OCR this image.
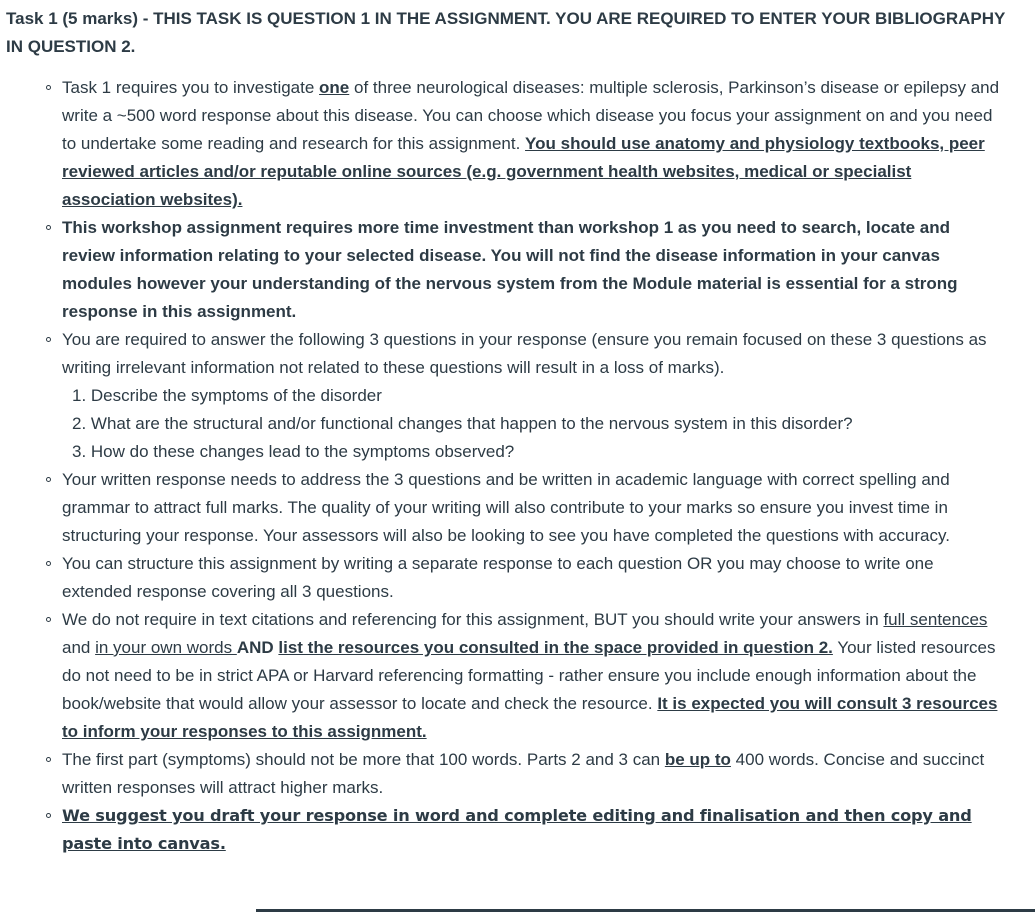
Task 1 (5 marks) - THIS TASK IS QUESTION 1 IN THE ASSIGNMENT. YOU ARE REQUIRED TO ENTER YOUR BIBLIOGRAPHY IN QUESTION 2.

Task 1 requires you to investigate one of three neurological diseases: multiple sclerosis, Parkinson’s disease or epilepsy and write a ~500 word response about this disease. You can choose which disease you focus your assignment on and you need to undertake some reading and research for this assignment. You should use anatomy and physiology textbooks, peer reviewed articles and/or reputable online sources (e.g. government health websites, medical or specialist association websites).
This workshop assignment requires more time investment than workshop 1 as you need to search, locate and review information relating to your selected disease. You will not find the disease information in your canvas modules however your understanding of the nervous system from the Module material is essential for a strong response in this assignment.
You are required to answer the following 3 questions in your response (ensure you remain focused on these 3 questions as writing irrelevant information not related to these questions will result in a loss of marks).
1. Describe the symptoms of the disorder
2. What are the structural and/or functional changes that happen to the nervous system in this disorder?
3. How do these changes lead to the symptoms observed?
Your written response needs to address the 3 questions and be written in academic language with correct spelling and grammar to attract full marks. The quality of your writing will also contribute to your marks so ensure you invest time in structuring your response. Your assessors will also be looking to see you have completed the questions with accuracy.
You can structure this assignment by writing a separate response to each question OR you may choose to write one extended response covering all 3 questions.
We do not require in text citations and referencing for this assignment, BUT you should write your answers in full sentences and in your own words AND list the resources you consulted in the space provided in question 2. Your listed resources do not need to be in strict APA or Harvard referencing formatting - rather ensure you include enough information about the book/website that would allow your assessor to locate and check the resource. It is expected you will consult 3 resources to inform your responses to this assignment.
The first part (symptoms) should not be more that 100 words. Parts 2 and 3 can be up to 400 words. Concise and succinct written responses will attract higher marks.
We suggest you draft your response in word and complete editing and finalisation and then copy and paste into canvas.
